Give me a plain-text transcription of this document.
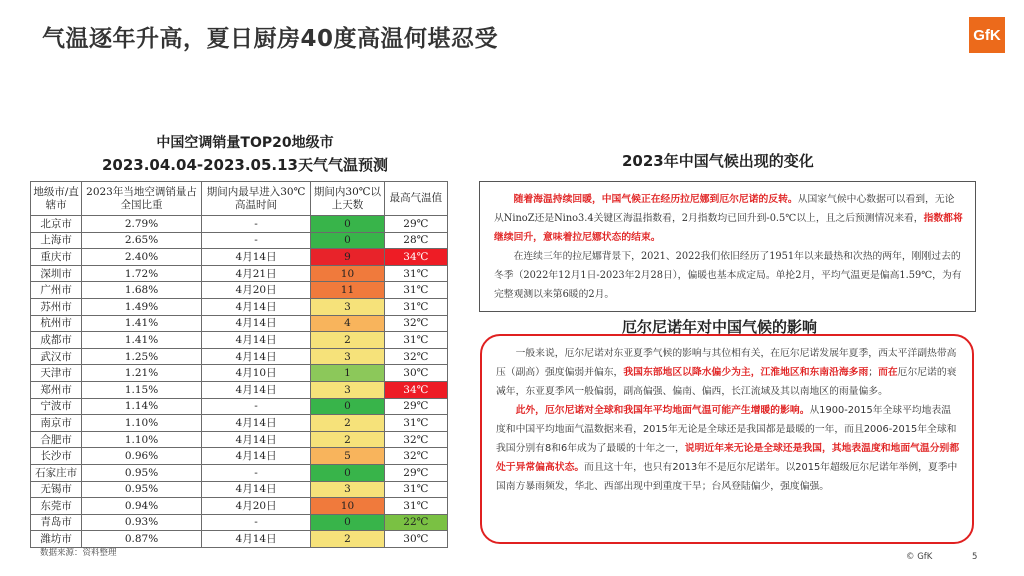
气温逐年升高，夏日厨房40度高温何堪忍受	GfK
中国空调销量TOP20地级市
2023.04.04-2023.05.13天气气温预测
地级市/直辖市	2023年当地空调销量占全国比重	期间内最早进入30℃高温时间	期间内30℃以上天数	最高气温值
北京市	2.79%	-	0	29℃
上海市	2.65%	-	0	28℃
重庆市	2.40%	4月14日	9	34℃
深圳市	1.72%	4月21日	10	31℃
广州市	1.68%	4月20日	11	31℃
苏州市	1.49%	4月14日	3	31℃
杭州市	1.41%	4月14日	4	32℃
成都市	1.41%	4月14日	2	31℃
武汉市	1.25%	4月14日	3	32℃
天津市	1.21%	4月10日	1	30℃
郑州市	1.15%	4月14日	3	34℃
宁波市	1.14%	-	0	29℃
南京市	1.10%	4月14日	2	31℃
合肥市	1.10%	4月14日	2	32℃
长沙市	0.96%	4月14日	5	32℃
石家庄市	0.95%	-	0	29℃
无锡市	0.95%	4月14日	3	31℃
东莞市	0.94%	4月20日	10	31℃
青岛市	0.93%	-	0	22℃
潍坊市	0.87%	4月14日	2	30℃
数据来源：资料整理
2023年中国气候出现的变化

随着海温持续回暖，中国气候正在经历拉尼娜到厄尔尼诺的反转。从国家气候中心数据可以看到，无论从NinoZ还是Nino3.4关键区海温指数看，2月指数均已回升到-0.5℃以上，且之后预测情况来看，指数都将继续回升，意味着拉尼娜状态的结束。

在连续三年的拉尼娜背景下，2021、2022我们依旧经历了1951年以来最热和次热的两年，刚刚过去的冬季（2022年12月1日-2023年2月28日），偏暖也基本成定局。单抡2月，平均气温更是偏高1.59℃，为有完整观测以来第6暖的2月。

厄尔尼诺年对中国气候的影响

一般来说，厄尔尼诺对东亚夏季气候的影响与其位相有关，在厄尔尼诺发展年夏季，西太平洋副热带高压（副高）强度偏弱并偏东，我国东部地区以降水偏少为主，江淮地区和东南沿海多雨；而在厄尔尼诺的衰减年，东亚夏季风一般偏弱，副高偏强、偏南、偏西，长江流域及其以南地区的雨量偏多。

此外，厄尔尼诺对全球和我国年平均地面气温可能产生增暖的影响。从1900-2015年全球平均地表温度和中国平均地面气温数据来看，2015年无论是全球还是我国都是最暖的一年，而且2006-2015年全球和我国分别有8和6年成为了最暖的十年之一，说明近年来无论是全球还是我国，其地表温度和地面气温分别都处于异常偏高状态。而且这十年，也只有2013年不是厄尔尼诺年。以2015年超级厄尔尼诺年举例，夏季中国南方暴雨频发，华北、西部出现中到重度干旱；台风登陆偏少，强度偏强。

© GfK	5
